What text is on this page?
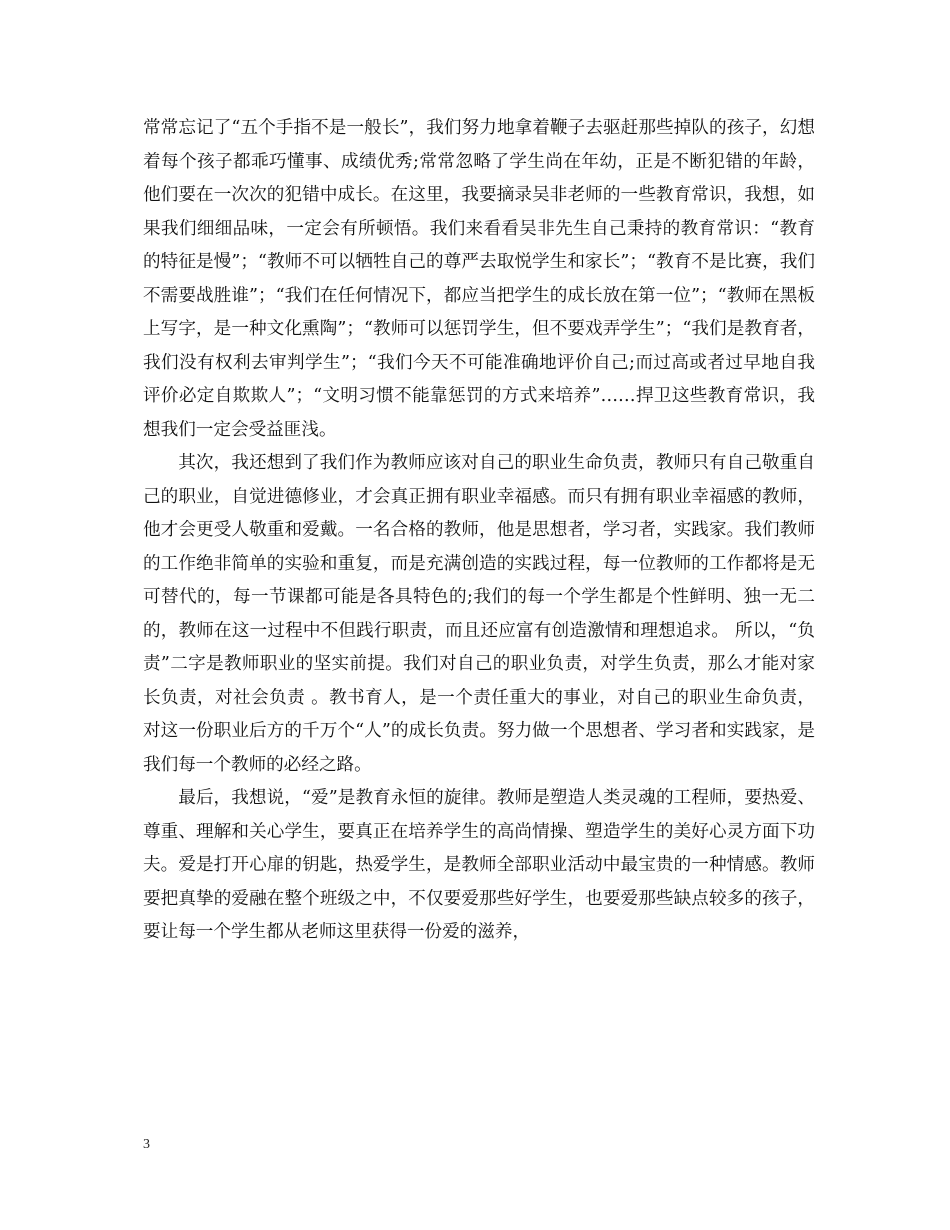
常常忘记了“五个手指不是一般长”，我们努力地拿着鞭子去驱赶那些掉队的孩子，幻想着每个孩子都乖巧懂事、成绩优秀;常常忽略了学生尚在年幼，正是不断犯错的年龄，他们要在一次次的犯错中成长。在这里，我要摘录吴非老师的一些教育常识，我想，如果我们细细品味，一定会有所顿悟。我们来看看吴非先生自己秉持的教育常识：“教育的特征是慢”；“教师不可以牺牲自己的尊严去取悦学生和家长”；“教育不是比赛，我们不需要战胜谁”；“我们在任何情况下，都应当把学生的成长放在第一位”；“教师在黑板上写字，是一种文化熏陶”；“教师可以惩罚学生，但不要戏弄学生”；“我们是教育者，我们没有权利去审判学生”；“我们今天不可能准确地评价自己;而过高或者过早地自我评价必定自欺欺人”；“文明习惯不能靠惩罚的方式来培养”……捍卫这些教育常识，我想我们一定会受益匪浅。

其次，我还想到了我们作为教师应该对自己的职业生命负责，教师只有自己敬重自己的职业，自觉进德修业，才会真正拥有职业幸福感。而只有拥有职业幸福感的教师，他才会更受人敬重和爱戴。一名合格的教师，他是思想者，学习者，实践家。我们教师的工作绝非简单的实验和重复，而是充满创造的实践过程，每一位教师的工作都将是无可替代的，每一节课都可能是各具特色的;我们的每一个学生都是个性鲜明、独一无二的，教师在这一过程中不但践行职责，而且还应富有创造激情和理想追求。 所以，“负责”二字是教师职业的坚实前提。我们对自己的职业负责，对学生负责，那么才能对家长负责，对社会负责 。教书育人，是一个责任重大的事业，对自己的职业生命负责，对这一份职业后方的千万个“人”的成长负责。努力做一个思想者、学习者和实践家，是我们每一个教师的必经之路。

最后，我想说，“爱”是教育永恒的旋律。教师是塑造人类灵魂的工程师，要热爱、尊重、理解和关心学生，要真正在培养学生的高尚情操、塑造学生的美好心灵方面下功夫。爱是打开心扉的钥匙，热爱学生，是教师全部职业活动中最宝贵的一种情感。教师要把真挚的爱融在整个班级之中，不仅要爱那些好学生，也要爱那些缺点较多的孩子，要让每一个学生都从老师这里获得一份爱的滋养，

3
